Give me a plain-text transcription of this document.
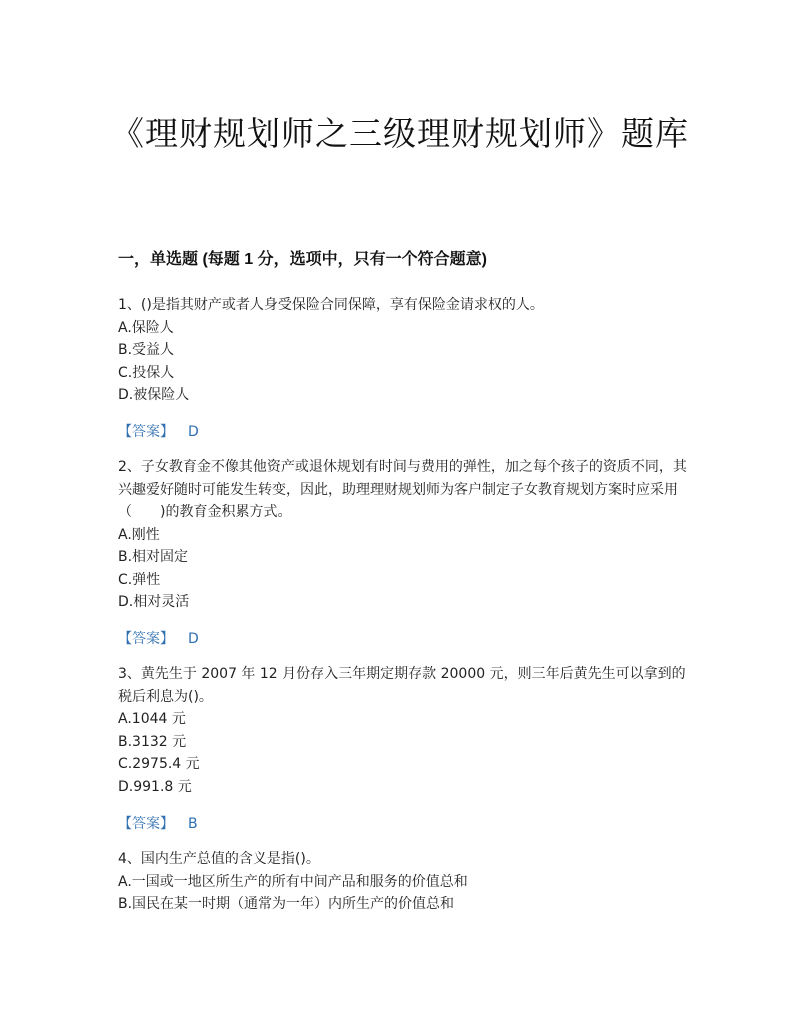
《理财规划师之三级理财规划师》题库
一，单选题 (每题 1 分，选项中，只有一个符合题意)
1、()是指其财产或者人身受保险合同保障，享有保险金请求权的人。
A.保险人
B.受益人
C.投保人
D.被保险人
【答案】 D
2、子女教育金不像其他资产或退休规划有时间与费用的弹性，加之每个孩子的资质不同，其兴趣爱好随时可能发生转变，因此，助理理财规划师为客户制定子女教育规划方案时应采用（　　)的教育金积累方式。
A.刚性
B.相对固定
C.弹性
D.相对灵活
【答案】 D
3、黄先生于 2007 年 12 月份存入三年期定期存款 20000 元，则三年后黄先生可以拿到的税后利息为()。
A.1044 元
B.3132 元
C.2975.4 元
D.991.8 元
【答案】 B
4、国内生产总值的含义是指()。
A.一国或一地区所生产的所有中间产品和服务的价值总和
B.国民在某一时期（通常为一年）内所生产的价值总和
